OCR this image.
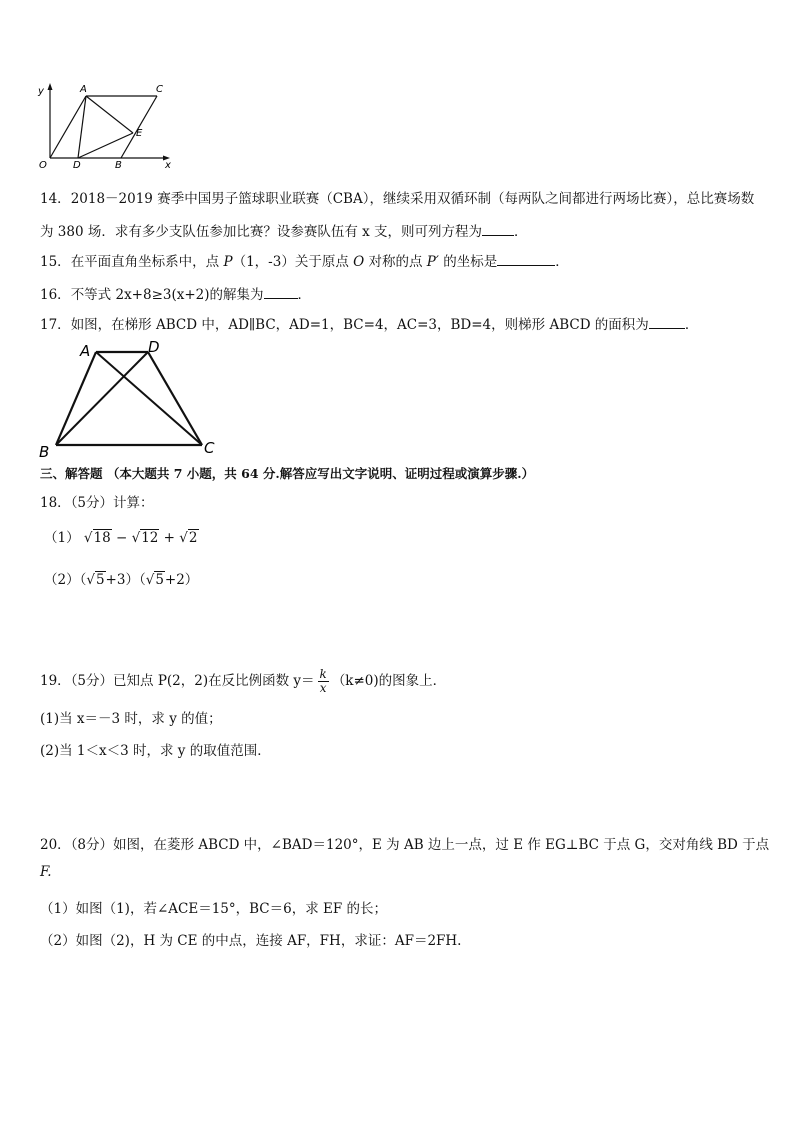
y
x
O
A	C
D	B
E
14．2018－2019 赛季中国男子篮球职业联赛（CBA），继续采用双循环制（每两队之间都进行两场比赛），总比赛场数
为 380 场．求有多少支队伍参加比赛？设参赛队伍有 x 支，则可列方程为 ．
15．在平面直角坐标系中，点 P（1，-3）关于原点 O 对称的点 P′ 的坐标是	．
16．不等式 2x+8≥3(x+2)的解集为	．
17．如图，在梯形 ABCD 中，AD∥BC，AD=1，BC=4，AC=3，BD=4，则梯形 ABCD 的面积为	．
A	D
B	C
三、解答题 （本大题共 7 小题，共 64 分.解答应写出文字说明、证明过程或演算步骤.）
18．（5分）计算：
（1） √18 − √12 + √2
（2）（√5+3）（√5+2）
19．（5分）已知点 P(2，2)在反比例函数 $y= \frac{k}{x} (k\ne 0)$的图象上．
(1)当 x＝－3 时，求 y 的值；
(2)当 1＜x＜3 时，求 y 的取值范围．
20．（8分）如图，在菱形 ABCD 中，∠BAD＝120°，E 为 AB 边上一点，过 E 作 EG⊥BC 于点 G，交对角线 BD 于点
F.
（1）如图（1)，若∠ACE＝15°，BC＝6，求 EF 的长；
（2）如图（2)，H 为 CE 的中点，连接 AF，FH，求证：AF＝2FH.
